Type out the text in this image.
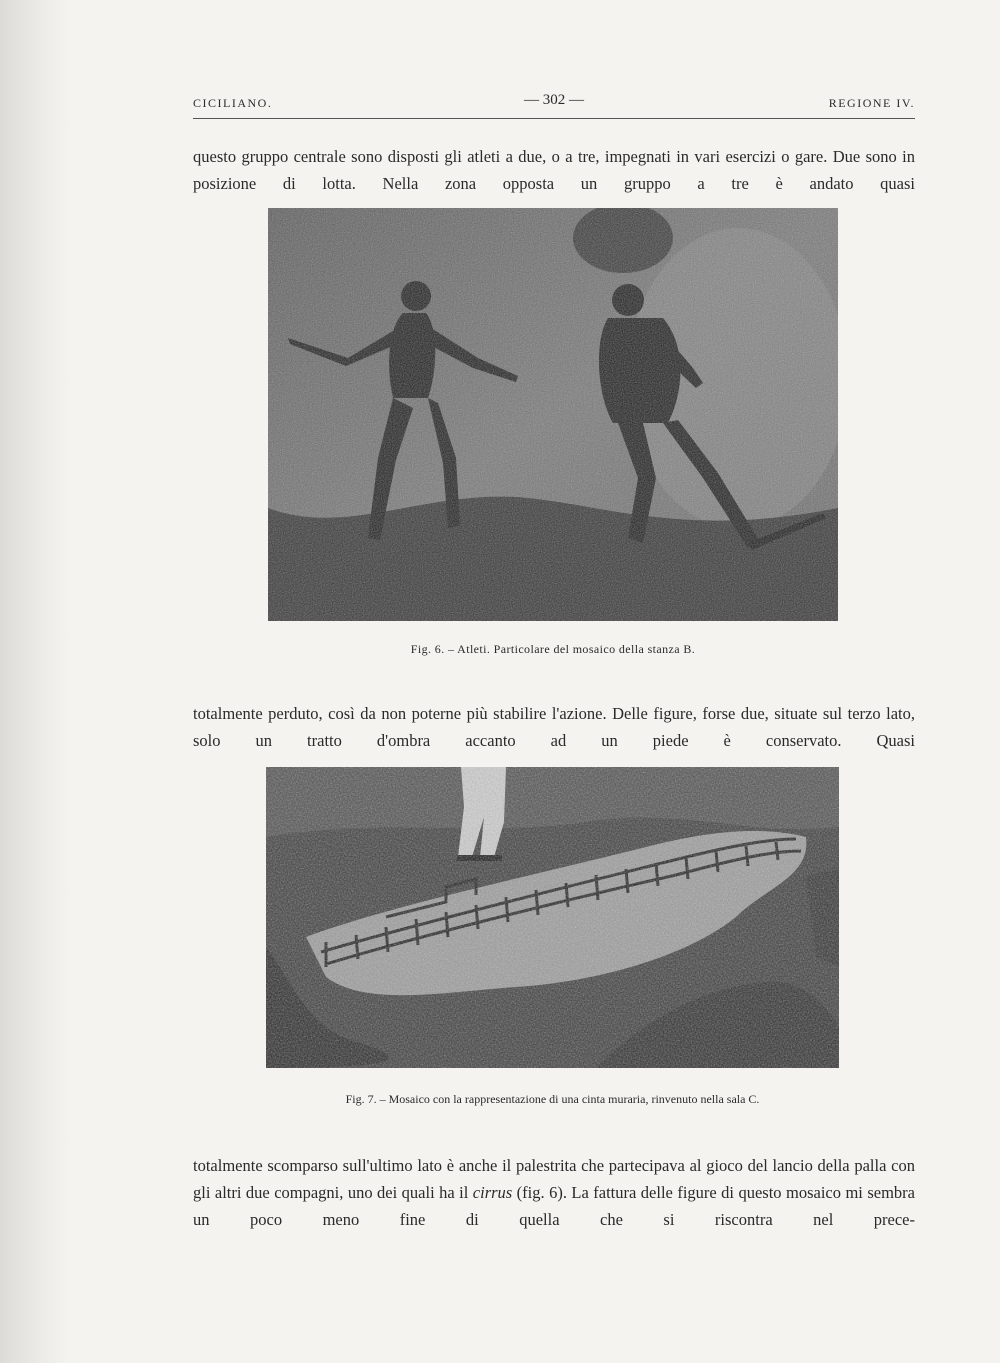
CICILIANO.	— 302 —	REGIONE IV.

questo gruppo centrale sono disposti gli atleti a due, o a tre, impegnati in vari esercizi o gare. Due sono in posizione di lotta. Nella zona opposta un gruppo a tre è andato quasi

Fig. 6. – Atleti. Particolare del mosaico della stanza B.

totalmente perduto, così da non poterne più stabilire l'azione. Delle figure, forse due, situate sul terzo lato, solo un tratto d'ombra accanto ad un piede è conservato. Quasi

Fig. 7. – Mosaico con la rappresentazione di una cinta muraria, rinvenuto nella sala C.

totalmente scomparso sull'ultimo lato è anche il palestrita che partecipava al gioco del lancio della palla con gli altri due compagni, uno dei quali ha il cirrus (fig. 6). La fattura delle figure di questo mosaico mi sembra un poco meno fine di quella che si riscontra nel prece-
